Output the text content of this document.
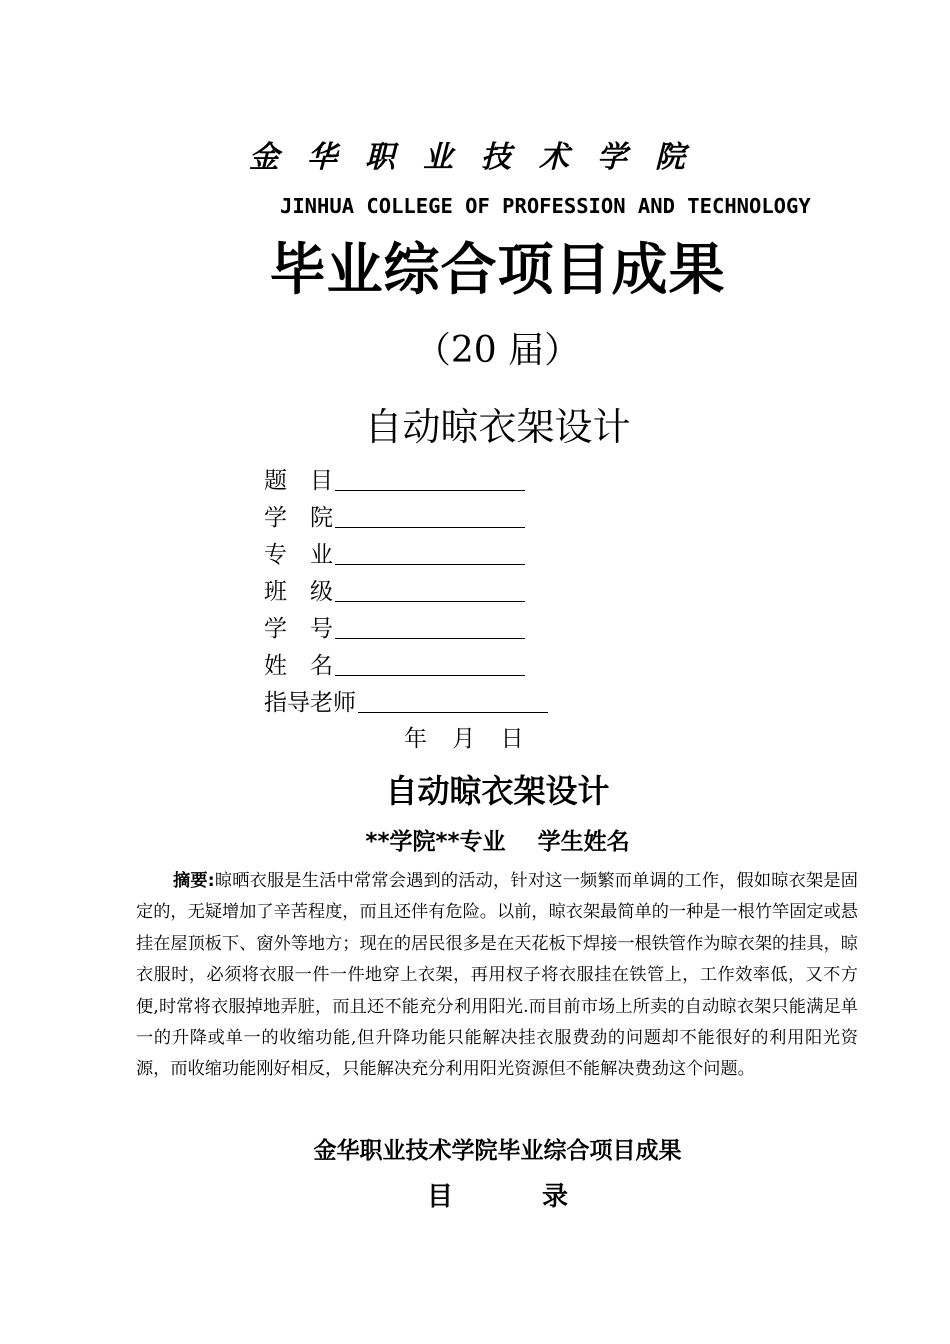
金华职业技术学院
JINHUA COLLEGE OF PROFESSION AND TECHNOLOGY
毕业综合项目成果
（20 届）
自动晾衣架设计
题　目
学　院
专　业
班　级
学　号
姓　名
指导老师
年 月 日
自动晾衣架设计
**学院**专业    学生姓名
摘要:晾晒衣服是生活中常常会遇到的活动，针对这一频繁而单调的工作，假如晾衣架是固定的，无疑增加了辛苦程度，而且还伴有危险。以前，晾衣架最简单的一种是一根竹竿固定或悬挂在屋顶板下、窗外等地方；现在的居民很多是在天花板下焊接一根铁管作为晾衣架的挂具，晾衣服时，必须将衣服一件一件地穿上衣架，再用杈子将衣服挂在铁管上，工作效率低，又不方便,时常将衣服掉地弄脏，而且还不能充分利用阳光.而目前市场上所卖的自动晾衣架只能满足单一的升降或单一的收缩功能,但升降功能只能解决挂衣服费劲的问题却不能很好的利用阳光资源，而收缩功能刚好相反，只能解决充分利用阳光资源但不能解决费劲这个问题。
金华职业技术学院毕业综合项目成果
目 录
